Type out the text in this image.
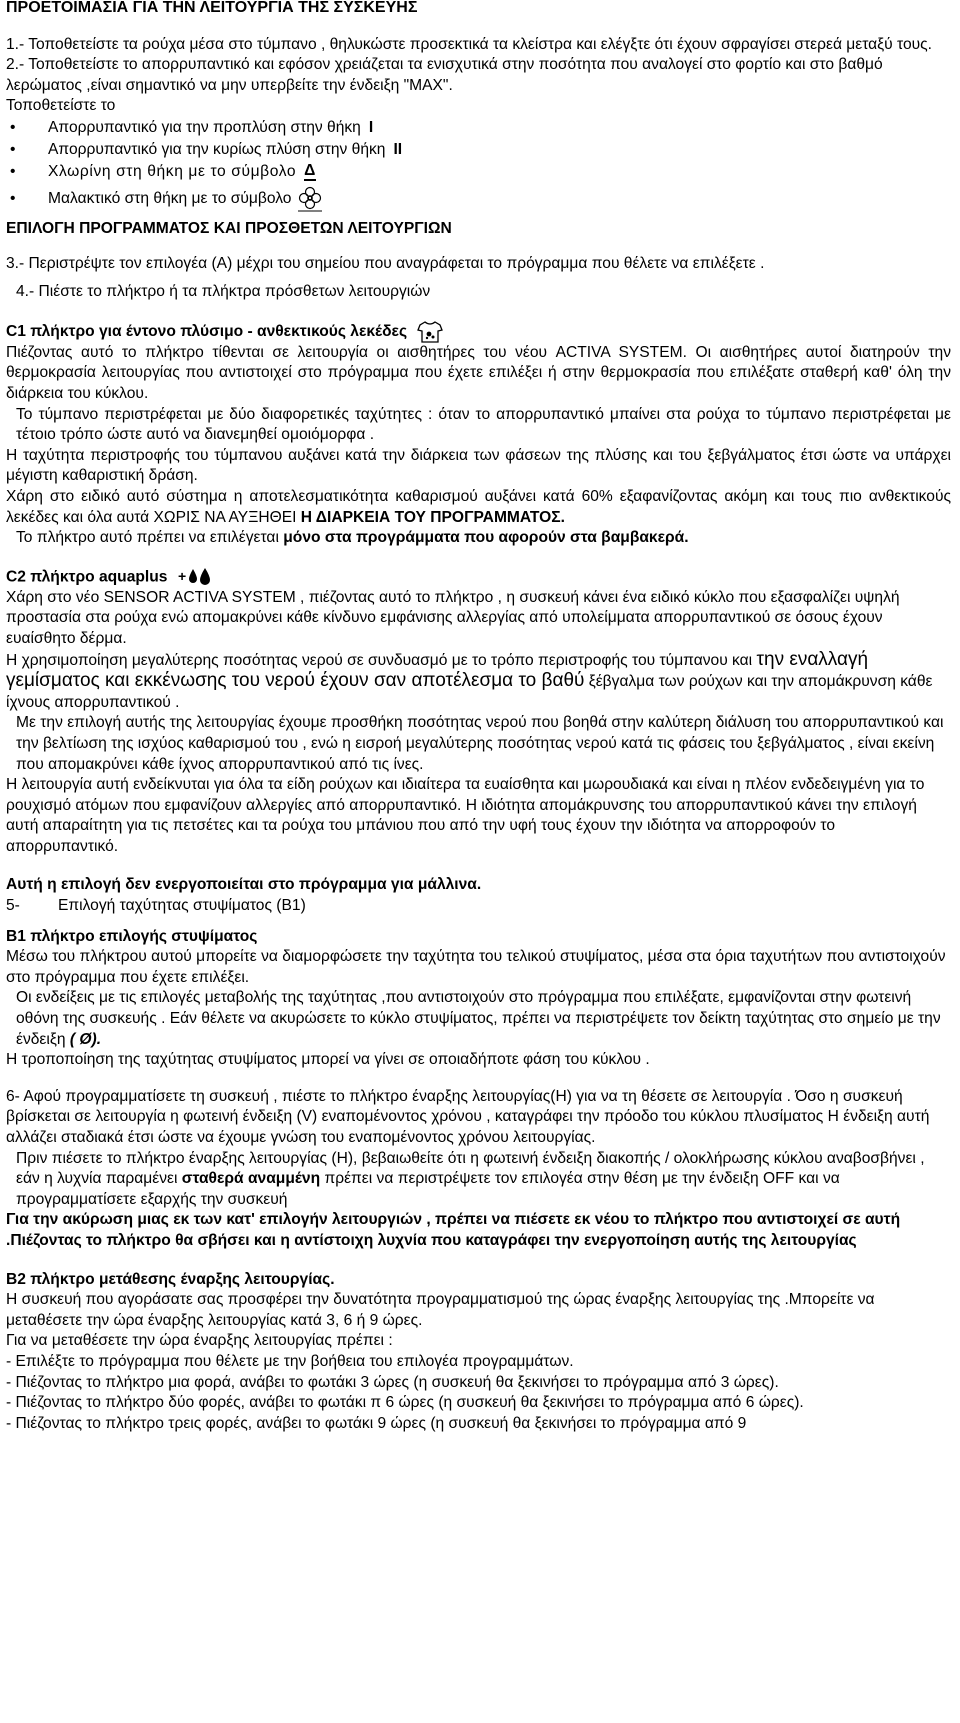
ΠΡΟΕΤΟΙΜΑΣΙΑ ΓΙΑ ΤΗΝ ΛΕΙΤΟΥΡΓΙΑ ΤΗΣ ΣΥΣΚΕΥΗΣ

1.- Τοποθετείστε τα ρούχα μέσα στο τύμπανο , θηλυκώστε προσεκτικά τα κλείστρα και ελέγξτε ότι έχουν σφραγίσει στερεά μεταξύ τους.

2.- Τοποθετείστε το απορρυπαντικό και εφόσον χρειάζεται τα ενισχυτικά στην ποσότητα που αναλογεί στο φορτίο και στο βαθμό λερώματος ,είναι σημαντικό να μην υπερβείτε την ένδειξη "MAX".

Τοποθετείστε το

•	Απορρυπαντικό για την προπλύση στην θήκη I
•	Απορρυπαντικό για την κυρίως πλύση στην θήκη II
•	Χλωρίνη στη θήκη με το σύμβολο Δ
•	Μαλακτικό στη θήκη με το σύμβολο

ΕΠΙΛΟΓΗ ΠΡΟΓΡΑΜΜΑΤΟΣ ΚΑΙ ΠΡΟΣΘΕΤΩΝ ΛΕΙΤΟΥΡΓΙΩΝ

3.- Περιστρέψτε τον επιλογέα (A) μέχρι του σημείου που αναγράφεται το πρόγραμμα που θέλετε να επιλέξετε .

4.- Πιέστε το πλήκτρο ή τα πλήκτρα πρόσθετων λειτουργιών

C1 πλήκτρο για έντονο πλύσιμο - ανθεκτικούς λεκέδες

Πιέζοντας αυτό το πλήκτρο τίθενται σε λειτουργία οι αισθητήρες του νέου ACTIVA SYSTEM. Οι αισθητήρες αυτοί διατηρούν την θερμοκρασία λειτουργίας που αντιστοιχεί στο πρόγραμμα που έχετε επιλέξει ή στην θερμοκρασία που επιλέξατε σταθερή καθ' όλη την διάρκεια του κύκλου.

Το τύμπανο περιστρέφεται με δύο διαφορετικές ταχύτητες : όταν το απορρυπαντικό μπαίνει στα ρούχα το τύμπανο περιστρέφεται με τέτοιο τρόπο ώστε αυτό να διανεμηθεί ομοιόμορφα .

Η ταχύτητα περιστροφής του τύμπανου αυξάνει κατά την διάρκεια των φάσεων της πλύσης και του ξεβγάλματος έτσι ώστε να υπάρχει μέγιστη καθαριστική δράση.

Χάρη στο ειδικό αυτό σύστημα η αποτελεσματικότητα καθαρισμού αυξάνει κατά 60% εξαφανίζοντας ακόμη και τους πιο ανθεκτικούς λεκέδες και όλα αυτά ΧΩΡΙΣ ΝΑ ΑΥΞΗΘΕΙ Η ΔΙΑΡΚΕΙΑ ΤΟΥ ΠΡΟΓΡΑΜΜΑΤΟΣ.

Το πλήκτρο αυτό πρέπει να επιλέγεται μόνο στα προγράμματα που αφορούν στα βαμβακερά.

C2 πλήκτρο aquaplus +

Χάρη στο νέο SENSOR ACTIVA SYSTEM , πιέζοντας αυτό το πλήκτρο , η συσκευή κάνει ένα ειδικό κύκλο που εξασφαλίζει υψηλή προστασία στα ρούχα ενώ απομακρύνει κάθε κίνδυνο εμφάνισης αλλεργίας από υπολείμματα απορρυπαντικού σε όσους έχουν ευαίσθητο δέρμα.

Η χρησιμοποίηση μεγαλύτερης ποσότητας νερού σε συνδυασμό με το τρόπο περιστροφής του τύμπανου και την εναλλαγή γεμίσματος και εκκένωσης του νερού έχουν σαν αποτέλεσμα το βαθύ ξέβγαλμα των ρούχων και την απομάκρυνση κάθε ίχνους απορρυπαντικού .

Με την επιλογή αυτής της λειτουργίας έχουμε προσθήκη ποσότητας νερού που βοηθά στην καλύτερη διάλυση του απορρυπαντικού και την βελτίωση της ισχύος καθαρισμού του , ενώ η εισροή μεγαλύτερης ποσότητας νερού κατά τις φάσεις του ξεβγάλματος , είναι εκείνη που απομακρύνει κάθε ίχνος απορρυπαντικού από τις ίνες.

Η λειτουργία αυτή ενδείκνυται για όλα τα είδη ρούχων και ιδιαίτερα τα ευαίσθητα και μωρουδιακά και είναι η πλέον ενδεδειγμένη για το ρουχισμό ατόμων που εμφανίζουν αλλεργίες από απορρυπαντικό. Η ιδιότητα απομάκρυνσης του απορρυπαντικού κάνει την επιλογή αυτή απαραίτητη για τις πετσέτες και τα ρούχα του μπάνιου που από την υφή τους έχουν την ιδιότητα να απορροφούν το απορρυπαντικό.

Αυτή η επιλογή δεν ενεργοποιείται στο πρόγραμμα για μάλλινα.

5- Επιλογή ταχύτητας στυψίματος (B1)

B1 πλήκτρο επιλογής στυψίματος

Μέσω του πλήκτρου αυτού μπορείτε να διαμορφώσετε την ταχύτητα του τελικού στυψίματος, μέσα στα όρια ταχυτήτων που αντιστοιχούν στο πρόγραμμα που έχετε επιλέξει.

Οι ενδείξεις με τις επιλογές μεταβολής της ταχύτητας ,που αντιστοιχούν στο πρόγραμμα που επιλέξατε, εμφανίζονται στην φωτεινή οθόνη της συσκευής . Εάν θέλετε να ακυρώσετε το κύκλο στυψίματος, πρέπει να περιστρέψετε τον δείκτη ταχύτητας στο σημείο με την ένδειξη ( Ø).

Η τροποποίηση της ταχύτητας στυψίματος μπορεί να γίνει σε οποιαδήποτε φάση του κύκλου .

6- Αφού προγραμματίσετε τη συσκευή , πιέστε το πλήκτρο έναρξης λειτουργίας(H) για να τη θέσετε σε λειτουργία . Όσο η συσκευή βρίσκεται σε λειτουργία η φωτεινή ένδειξη (V) εναπομένοντος χρόνου , καταγράφει την πρόοδο του κύκλου πλυσίματος Η ένδειξη αυτή αλλάζει σταδιακά έτσι ώστε να έχουμε γνώση του εναπομένοντος χρόνου λειτουργίας.

Πριν πιέσετε το πλήκτρο έναρξης λειτουργίας (H), βεβαιωθείτε ότι η φωτεινή ένδειξη διακοπής / ολοκλήρωσης κύκλου αναβοσβήνει , εάν η λυχνία παραμένει σταθερά αναμμένη πρέπει να περιστρέψετε τον επιλογέα στην θέση με την ένδειξη OFF και να προγραμματίσετε εξαρχής την συσκευή

Για την ακύρωση μιας εκ των κατ' επιλογήν λειτουργιών , πρέπει να πιέσετε εκ νέου το πλήκτρο που αντιστοιχεί σε αυτή .Πιέζοντας το πλήκτρο θα σβήσει και η αντίστοιχη λυχνία που καταγράφει την ενεργοποίηση αυτής της λειτουργίας

B2 πλήκτρο μετάθεσης έναρξης λειτουργίας.

Η συσκευή που αγοράσατε σας προσφέρει την δυνατότητα προγραμματισμού της ώρας έναρξης λειτουργίας της .Μπορείτε να μεταθέσετε την ώρα έναρξης λειτουργίας κατά 3, 6 ή 9 ώρες.

Για να μεταθέσετε την ώρα έναρξης λειτουργίας πρέπει :

- Επιλέξτε το πρόγραμμα που θέλετε με την βοήθεια του επιλογέα προγραμμάτων.

- Πιέζοντας το πλήκτρο μια φορά, ανάβει το φωτάκι 3 ώρες (η συσκευή θα ξεκινήσει το πρόγραμμα από 3 ώρες).

- Πιέζοντας το πλήκτρο δύο φορές, ανάβει το φωτάκι π 6 ώρες (η συσκευή θα ξεκινήσει το πρόγραμμα από 6 ώρες).

- Πιέζοντας το πλήκτρο τρεις φορές, ανάβει το φωτάκι 9 ώρες (η συσκευή θα ξεκινήσει το πρόγραμμα από 9
